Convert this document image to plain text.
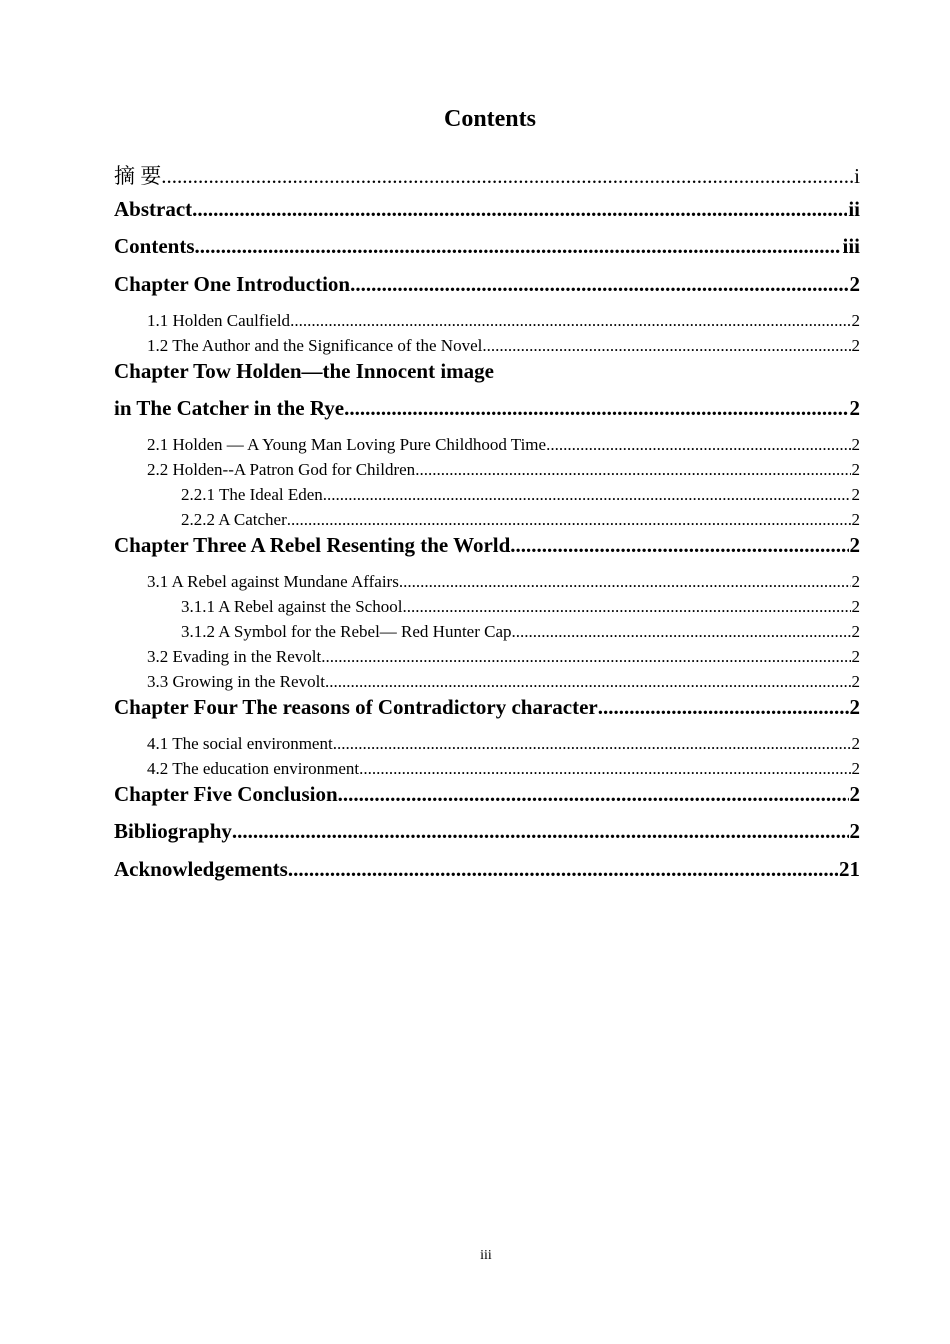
Contents
摘 要 .....	i
Abstract .....	ii
Contents .....	iii
Chapter One Introduction .....	2
1.1 Holden Caulfield .....	2
1.2 The Author and the Significance of the Novel .....	2
Chapter Tow Holden—the Innocent image
in The Catcher in the Rye .....	2
2.1 Holden — A Young Man Loving Pure Childhood Time .....	2
2.2 Holden--A Patron God for Children .....	2
2.2.1 The Ideal Eden .....	2
2.2.2 A Catcher .....	2
Chapter Three A Rebel Resenting the World .....	2
3.1 A Rebel against Mundane Affairs .....	2
3.1.1 A Rebel against the School .....	2
3.1.2 A Symbol for the Rebel— Red Hunter Cap .....	2
3.2 Evading in the Revolt .....	2
3.3 Growing in the Revolt .....	2
Chapter Four The reasons of Contradictory character .....	2
4.1 The social environment .....	2
4.2 The education environment .....	2
Chapter Five Conclusion .....	2
Bibliography .....	2
Acknowledgements .....	21
iii
